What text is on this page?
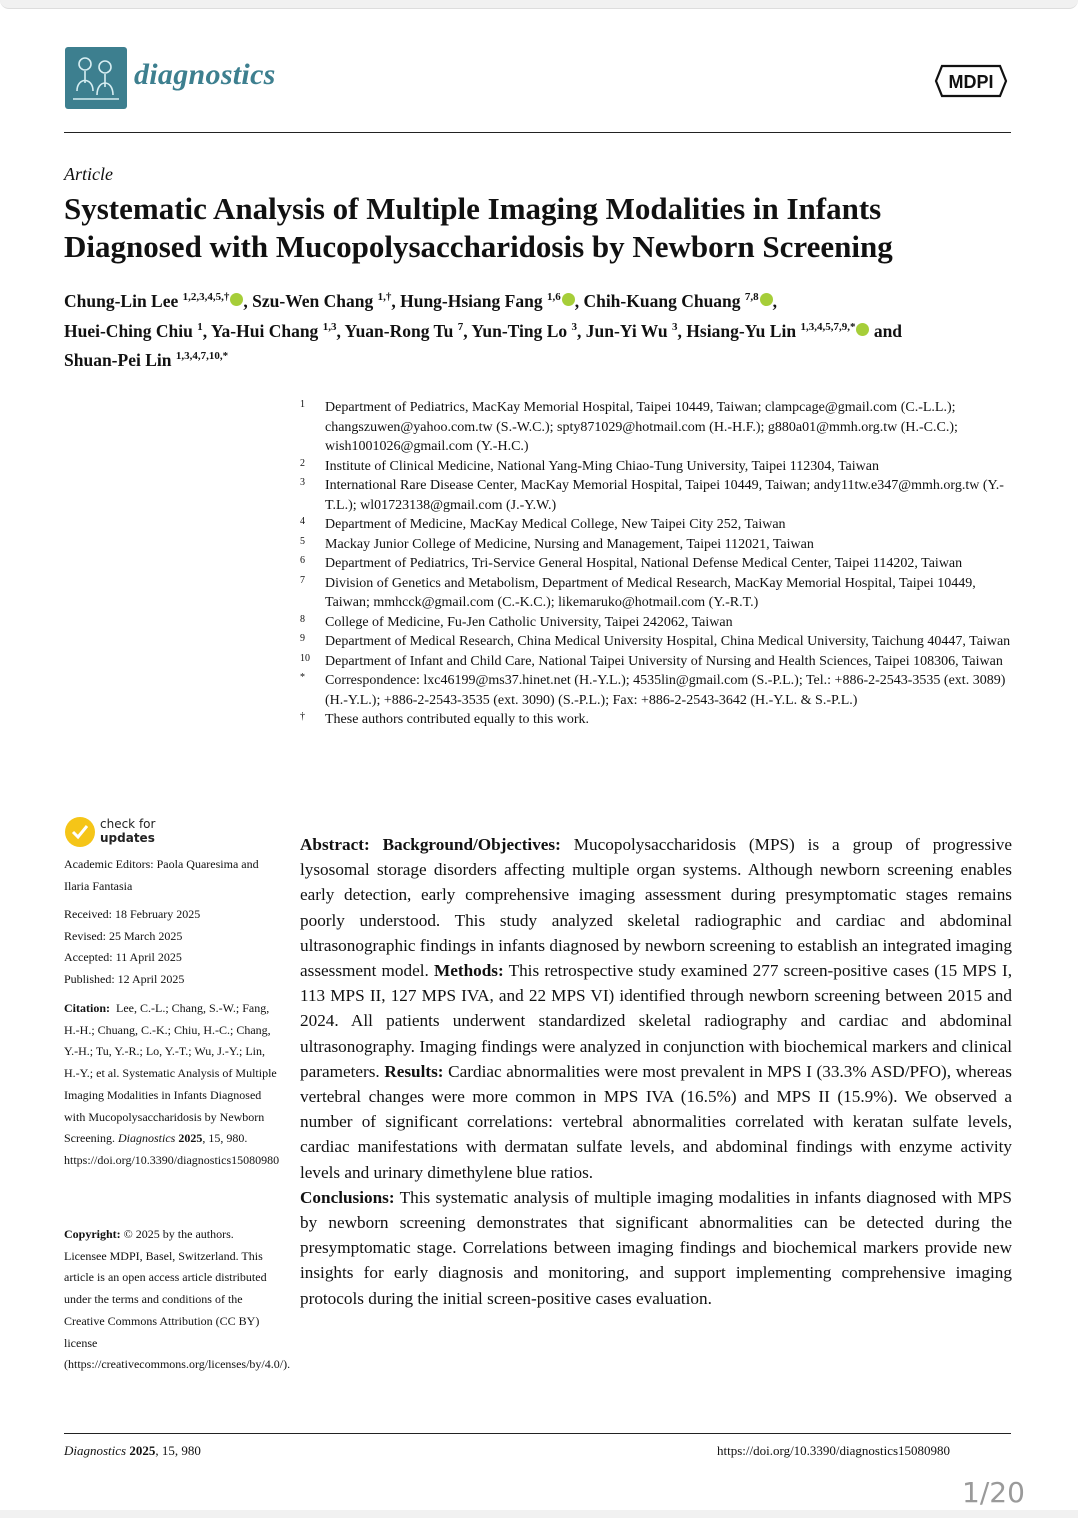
diagnostics	MDPI
Article
Systematic Analysis of Multiple Imaging Modalities in Infants Diagnosed with Mucopolysaccharidosis by Newborn Screening
Chung-Lin Lee $^{1,2,3,4,5,\dagger}$ , Szu-Wen Chang $^{1,\dagger}$, Hung-Hsiang Fang $^{1,6}$ , Chih-Kuang Chuang $^{7,8}$ ,
Huei-Ching Chiu $^1$, Ya-Hui Chang $^{1,3}$, Yuan-Rong Tu $^7$, Yun-Ting Lo $^3$, Jun-Yi Wu $^3$, Hsiang-Yu Lin $^{1,3,4,5,7,9,*}$ and
Shuan-Pei Lin $^{1,3,4,7,10,*}$
1	Department of Pediatrics, MacKay Memorial Hospital, Taipei 10449, Taiwan; clampcage@gmail.com (C.-L.L.); changszuwen@yahoo.com.tw (S.-W.C.); spty871029@hotmail.com (H.-H.F.); g880a01@mmh.org.tw (H.-C.C.); wish1001026@gmail.com (Y.-H.C.)
2	Institute of Clinical Medicine, National Yang-Ming Chiao-Tung University, Taipei 112304, Taiwan
3	International Rare Disease Center, MacKay Memorial Hospital, Taipei 10449, Taiwan; andy11tw.e347@mmh.org.tw (Y.-T.L.); wl01723138@gmail.com (J.-Y.W.)
4	Department of Medicine, MacKay Medical College, New Taipei City 252, Taiwan
5	Mackay Junior College of Medicine, Nursing and Management, Taipei 112021, Taiwan
6	Department of Pediatrics, Tri-Service General Hospital, National Defense Medical Center, Taipei 114202, Taiwan
7	Division of Genetics and Metabolism, Department of Medical Research, MacKay Memorial Hospital, Taipei 10449, Taiwan; mmhcck@gmail.com (C.-K.C.); likemaruko@hotmail.com (Y.-R.T.)
8	College of Medicine, Fu-Jen Catholic University, Taipei 242062, Taiwan
9	Department of Medical Research, China Medical University Hospital, China Medical University, Taichung 40447, Taiwan
10	Department of Infant and Child Care, National Taipei University of Nursing and Health Sciences, Taipei 108306, Taiwan
*	Correspondence: lxc46199@ms37.hinet.net (H.-Y.L.); 4535lin@gmail.com (S.-P.L.); Tel.: +886-2-2543-3535 (ext. 3089) (H.-Y.L.); +886-2-2543-3535 (ext. 3090) (S.-P.L.); Fax: +886-2-2543-3642 (H.-Y.L. & S.-P.L.)
†	These authors contributed equally to this work.
check for
updates
Academic Editors: Paola Quaresima and Ilaria Fantasia
Received: 18 February 2025
Revised: 25 March 2025
Accepted: 11 April 2025
Published: 12 April 2025
Citation: Lee, C.-L.; Chang, S.-W.; Fang, H.-H.; Chuang, C.-K.; Chiu, H.-C.; Chang, Y.-H.; Tu, Y.-R.; Lo, Y.-T.; Wu, J.-Y.; Lin, H.-Y.; et al. Systematic Analysis of Multiple Imaging Modalities in Infants Diagnosed with Mucopolysaccharidosis by Newborn Screening. Diagnostics 2025, 15, 980. https://doi.org/10.3390/diagnostics15080980
Copyright: © 2025 by the authors. Licensee MDPI, Basel, Switzerland. This article is an open access article distributed under the terms and conditions of the Creative Commons Attribution (CC BY) license (https://creativecommons.org/licenses/by/4.0/).
Abstract: Background/Objectives: Mucopolysaccharidosis (MPS) is a group of progressive lysosomal storage disorders affecting multiple organ systems. Although newborn screening enables early detection, early comprehensive imaging assessment during presymptomatic stages remains poorly understood. This study analyzed skeletal radiographic and cardiac and abdominal ultrasonographic findings in infants diagnosed by newborn screening to establish an integrated imaging assessment model. Methods: This retrospective study examined 277 screen-positive cases (15 MPS I, 113 MPS II, 127 MPS IVA, and 22 MPS VI) identified through newborn screening between 2015 and 2024. All patients underwent standardized skeletal radiography and cardiac and abdominal ultrasonography. Imaging findings were analyzed in conjunction with biochemical markers and clinical parameters. Results: Cardiac abnormalities were most prevalent in MPS I (33.3% ASD/PFO), whereas vertebral changes were more common in MPS IVA (16.5%) and MPS II (15.9%). We observed a number of significant correlations: vertebral abnormalities correlated with keratan sulfate levels, cardiac manifestations with dermatan sulfate levels, and abdominal findings with enzyme activity levels and urinary dimethylene blue ratios.
Conclusions: This systematic analysis of multiple imaging modalities in infants diagnosed with MPS by newborn screening demonstrates that significant abnormalities can be detected during the presymptomatic stage. Correlations between imaging findings and biochemical markers provide new insights for early diagnosis and monitoring, and support implementing comprehensive imaging protocols during the initial screen-positive cases evaluation.
Diagnostics 2025, 15, 980	https://doi.org/10.3390/diagnostics15080980
1/20
